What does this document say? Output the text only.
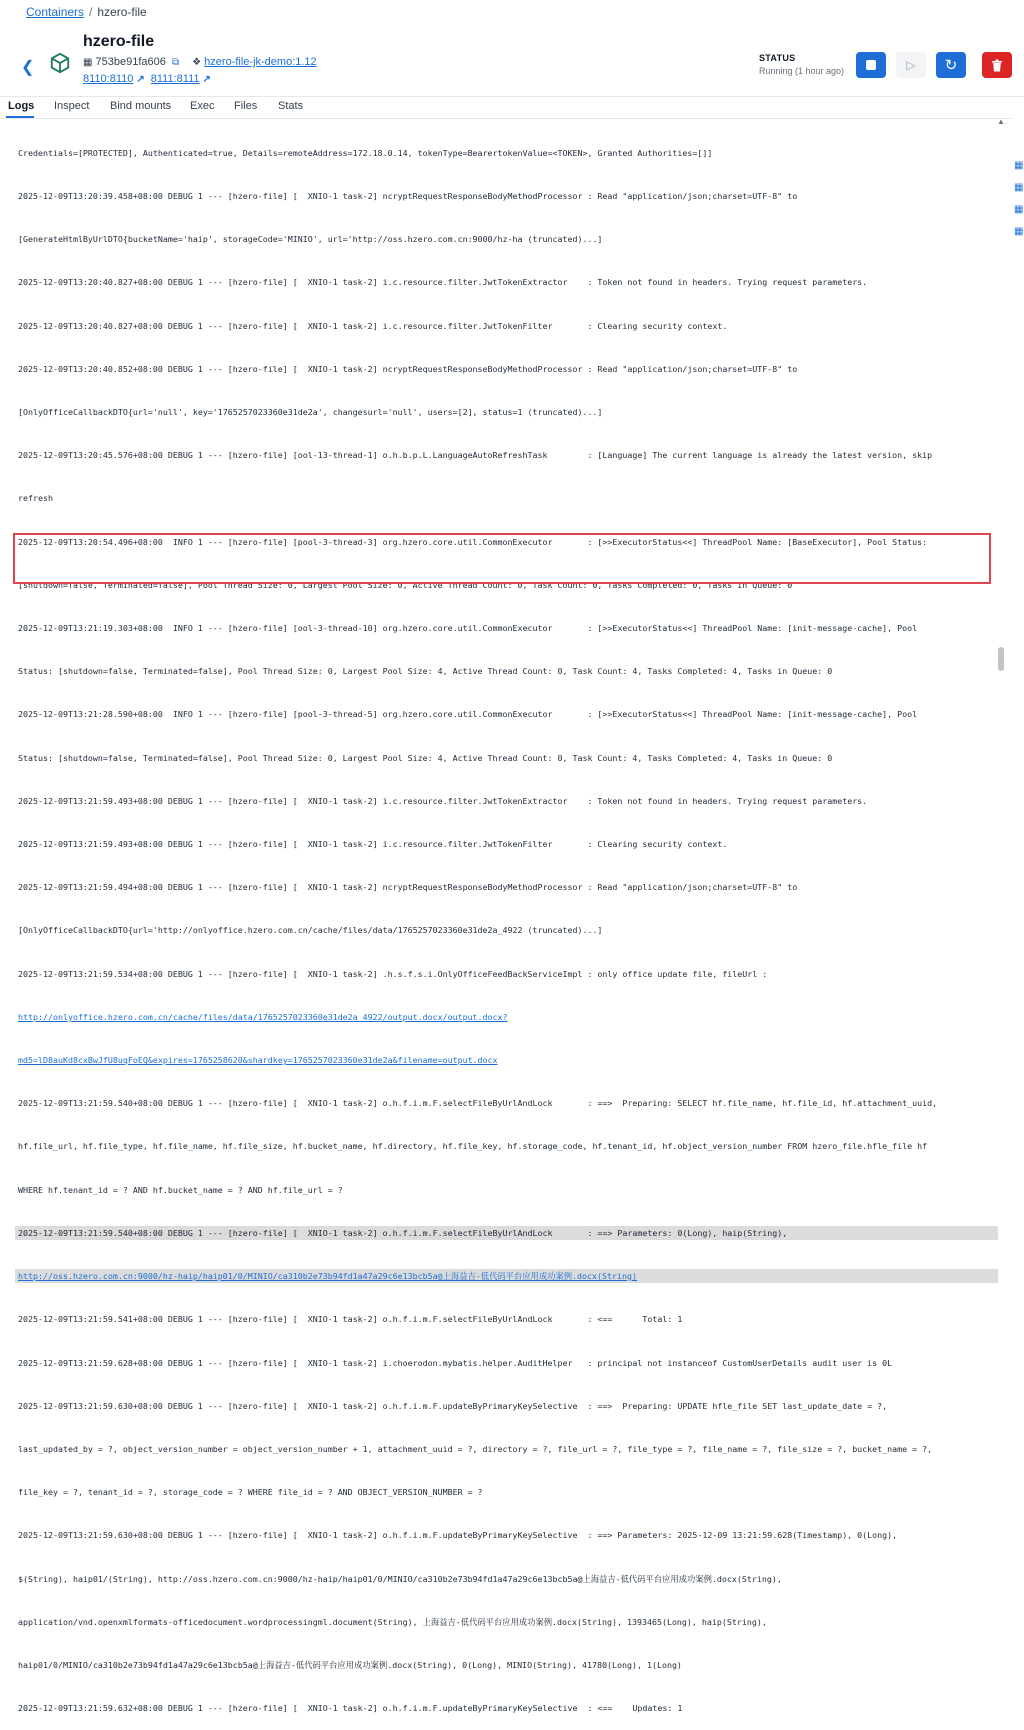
Containers / hzero-file
❮
hzero-file
▦ 753be91fa606 ⧉ ❖ hzero-file-jk-demo:1.12
8110:8110 ↗ 8111:8111 ↗
STATUS
Running (1 hour ago)	▷ ↻
Logs Inspect Bind mounts Exec Files Stats

Credentials=[PROTECTED], Authenticated=true, Details=remoteAddress=172.18.0.14, tokenType=BearertokenValue=<TOKEN>, Granted Authorities=[]]

2025-12-09T13:20:39.458+08:00 DEBUG 1 --- [hzero-file] [  XNIO-1 task-2] ncryptRequestResponseBodyMethodProcessor : Read "application/json;charset=UTF-8" to

[GenerateHtmlByUrlDTO{bucketName='haip', storageCode='MINIO', url='http://oss.hzero.com.cn:9000/hz-ha (truncated)...]

2025-12-09T13:20:40.827+08:00 DEBUG 1 --- [hzero-file] [  XNIO-1 task-2] i.c.resource.filter.JwtTokenExtractor    : Token not found in headers. Trying request parameters.

2025-12-09T13:20:40.827+08:00 DEBUG 1 --- [hzero-file] [  XNIO-1 task-2] i.c.resource.filter.JwtTokenFilter       : Clearing security context.

2025-12-09T13:20:40.852+08:00 DEBUG 1 --- [hzero-file] [  XNIO-1 task-2] ncryptRequestResponseBodyMethodProcessor : Read "application/json;charset=UTF-8" to

[OnlyOfficeCallbackDTO{url='null', key='1765257023360e31de2a', changesurl='null', users=[2], status=1 (truncated)...]

2025-12-09T13:20:45.576+08:00 DEBUG 1 --- [hzero-file] [ool-13-thread-1] o.h.b.p.L.LanguageAutoRefreshTask        : [Language] The current language is already the latest version, skip

refresh

2025-12-09T13:20:54.496+08:00  INFO 1 --- [hzero-file] [pool-3-thread-3] org.hzero.core.util.CommonExecutor       : [>>ExecutorStatus<<] ThreadPool Name: [BaseExecutor], Pool Status:

[shutdown=false, Terminated=false], Pool Thread Size: 0, Largest Pool Size: 0, Active Thread Count: 0, Task Count: 0, Tasks Completed: 0, Tasks in Queue: 0

2025-12-09T13:21:19.303+08:00  INFO 1 --- [hzero-file] [ool-3-thread-10] org.hzero.core.util.CommonExecutor       : [>>ExecutorStatus<<] ThreadPool Name: [init-message-cache], Pool

Status: [shutdown=false, Terminated=false], Pool Thread Size: 0, Largest Pool Size: 4, Active Thread Count: 0, Task Count: 4, Tasks Completed: 4, Tasks in Queue: 0

2025-12-09T13:21:28.590+08:00  INFO 1 --- [hzero-file] [pool-3-thread-5] org.hzero.core.util.CommonExecutor       : [>>ExecutorStatus<<] ThreadPool Name: [init-message-cache], Pool

Status: [shutdown=false, Terminated=false], Pool Thread Size: 0, Largest Pool Size: 4, Active Thread Count: 0, Task Count: 4, Tasks Completed: 4, Tasks in Queue: 0

2025-12-09T13:21:59.493+08:00 DEBUG 1 --- [hzero-file] [  XNIO-1 task-2] i.c.resource.filter.JwtTokenExtractor    : Token not found in headers. Trying request parameters.

2025-12-09T13:21:59.493+08:00 DEBUG 1 --- [hzero-file] [  XNIO-1 task-2] i.c.resource.filter.JwtTokenFilter       : Clearing security context.

2025-12-09T13:21:59.494+08:00 DEBUG 1 --- [hzero-file] [  XNIO-1 task-2] ncryptRequestResponseBodyMethodProcessor : Read "application/json;charset=UTF-8" to

[OnlyOfficeCallbackDTO{url='http://onlyoffice.hzero.com.cn/cache/files/data/1765257023360e31de2a_4922 (truncated)...]

2025-12-09T13:21:59.534+08:00 DEBUG 1 --- [hzero-file] [  XNIO-1 task-2] .h.s.f.s.i.OnlyOfficeFeedBackServiceImpl : only office update file, fileUrl :

http://onlyoffice.hzero.com.cn/cache/files/data/1765257023360e31de2a_4922/output.docx/output.docx?

md5=lD8auKd8cxBwJfU8uqFoEQ&expires=1765258620&shardkey=1765257023360e31de2a&filename=output.docx

2025-12-09T13:21:59.540+08:00 DEBUG 1 --- [hzero-file] [  XNIO-1 task-2] o.h.f.i.m.F.selectFileByUrlAndLock       : ==>  Preparing: SELECT hf.file_name, hf.file_id, hf.attachment_uuid,

hf.file_url, hf.file_type, hf.file_name, hf.file_size, hf.bucket_name, hf.directory, hf.file_key, hf.storage_code, hf.tenant_id, hf.object_version_number FROM hzero_file.hfle_file hf

WHERE hf.tenant_id = ? AND hf.bucket_name = ? AND hf.file_url = ?

2025-12-09T13:21:59.540+08:00 DEBUG 1 --- [hzero-file] [  XNIO-1 task-2] o.h.f.i.m.F.selectFileByUrlAndLock       : ==> Parameters: 0(Long), haip(String),

http://oss.hzero.com.cn:9000/hz-haip/haip01/0/MINIO/ca310b2e73b94fd1a47a29c6e13bcb5a@上海益吉-低代码平台应用成功案例.docx(String)

2025-12-09T13:21:59.541+08:00 DEBUG 1 --- [hzero-file] [  XNIO-1 task-2] o.h.f.i.m.F.selectFileByUrlAndLock       : <==      Total: 1

2025-12-09T13:21:59.628+08:00 DEBUG 1 --- [hzero-file] [  XNIO-1 task-2] i.choerodon.mybatis.helper.AuditHelper   : principal not instanceof CustomUserDetails audit user is 0L

2025-12-09T13:21:59.630+08:00 DEBUG 1 --- [hzero-file] [  XNIO-1 task-2] o.h.f.i.m.F.updateByPrimaryKeySelective  : ==>  Preparing: UPDATE hfle_file SET last_update_date = ?,

last_updated_by = ?, object_version_number = object_version_number + 1, attachment_uuid = ?, directory = ?, file_url = ?, file_type = ?, file_name = ?, file_size = ?, bucket_name = ?,

file_key = ?, tenant_id = ?, storage_code = ? WHERE file_id = ? AND OBJECT_VERSION_NUMBER = ?

2025-12-09T13:21:59.630+08:00 DEBUG 1 --- [hzero-file] [  XNIO-1 task-2] o.h.f.i.m.F.updateByPrimaryKeySelective  : ==> Parameters: 2025-12-09 13:21:59.628(Timestamp), 0(Long),

$(String), haip01/(String), http://oss.hzero.com.cn:9000/hz-haip/haip01/0/MINIO/ca310b2e73b94fd1a47a29c6e13bcb5a@上海益吉-低代码平台应用成功案例.docx(String),

application/vnd.openxmlformats-officedocument.wordprocessingml.document(String), 上海益吉-低代码平台应用成功案例.docx(String), 1393465(Long), haip(String),

haip01/0/MINIO/ca310b2e73b94fd1a47a29c6e13bcb5a@上海益吉-低代码平台应用成功案例.docx(String), 0(Long), MINIO(String), 41780(Long), 1(Long)

2025-12-09T13:21:59.632+08:00 DEBUG 1 --- [hzero-file] [  XNIO-1 task-2] o.h.f.i.m.F.updateByPrimaryKeySelective  : <==    Updates: 1

▲
▦
▦
▦
▦
